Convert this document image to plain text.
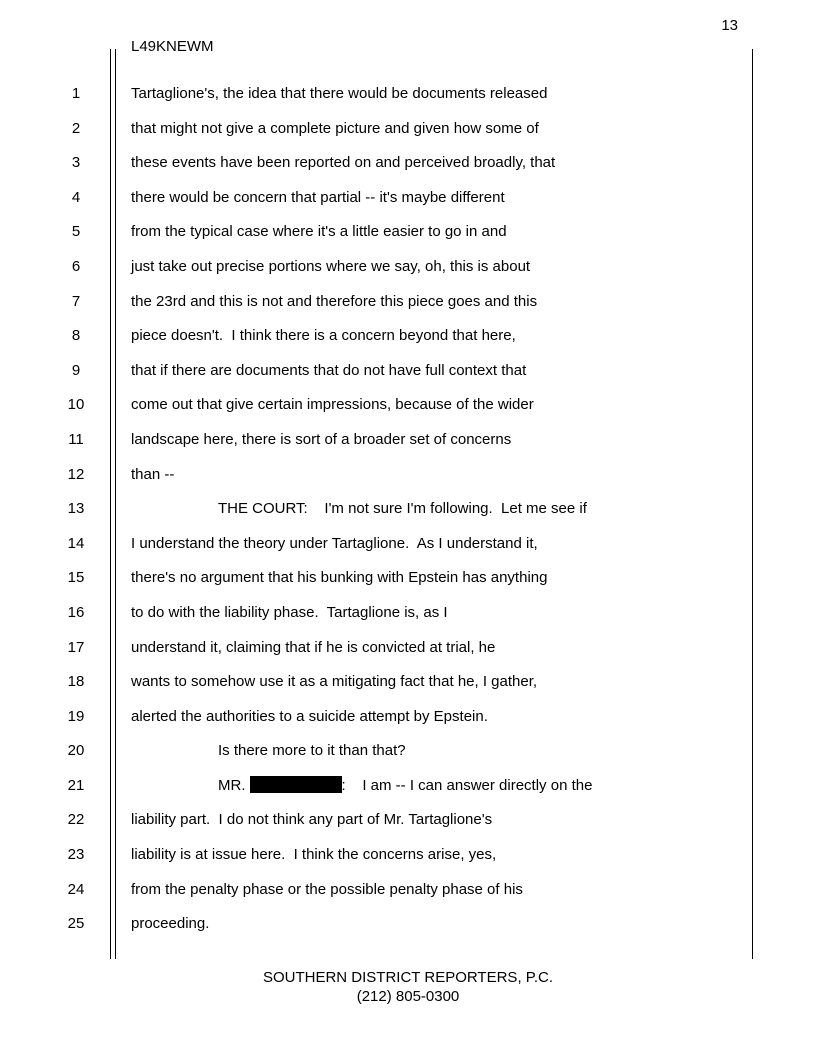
13
L49KNEWM
1	Tartaglione's, the idea that there would be documents released
2	that might not give a complete picture and given how some of
3	these events have been reported on and perceived broadly, that
4	there would be concern that partial -- it's maybe different
5	from the typical case where it's a little easier to go in and
6	just take out precise portions where we say, oh, this is about
7	the 23rd and this is not and therefore this piece goes and this
8	piece doesn't.  I think there is a concern beyond that here,
9	that if there are documents that do not have full context that
10	come out that give certain impressions, because of the wider
11	landscape here, there is sort of a broader set of concerns
12	than --
13	THE COURT:    I'm not sure I'm following.  Let me see if
14	I understand the theory under Tartaglione.  As I understand it,
15	there's no argument that his bunking with Epstein has anything
16	to do with the liability phase.  Tartaglione is, as I
17	understand it, claiming that if he is convicted at trial, he
18	wants to somehow use it as a mitigating fact that he, I gather,
19	alerted the authorities to a suicide attempt by Epstein.
20	Is there more to it than that?
21	MR.	:    I am -- I can answer directly on the
22	liability part.  I do not think any part of Mr. Tartaglione's
23	liability is at issue here.  I think the concerns arise, yes,
24	from the penalty phase or the possible penalty phase of his
25	proceeding.
SOUTHERN DISTRICT REPORTERS, P.C.
(212) 805-0300
